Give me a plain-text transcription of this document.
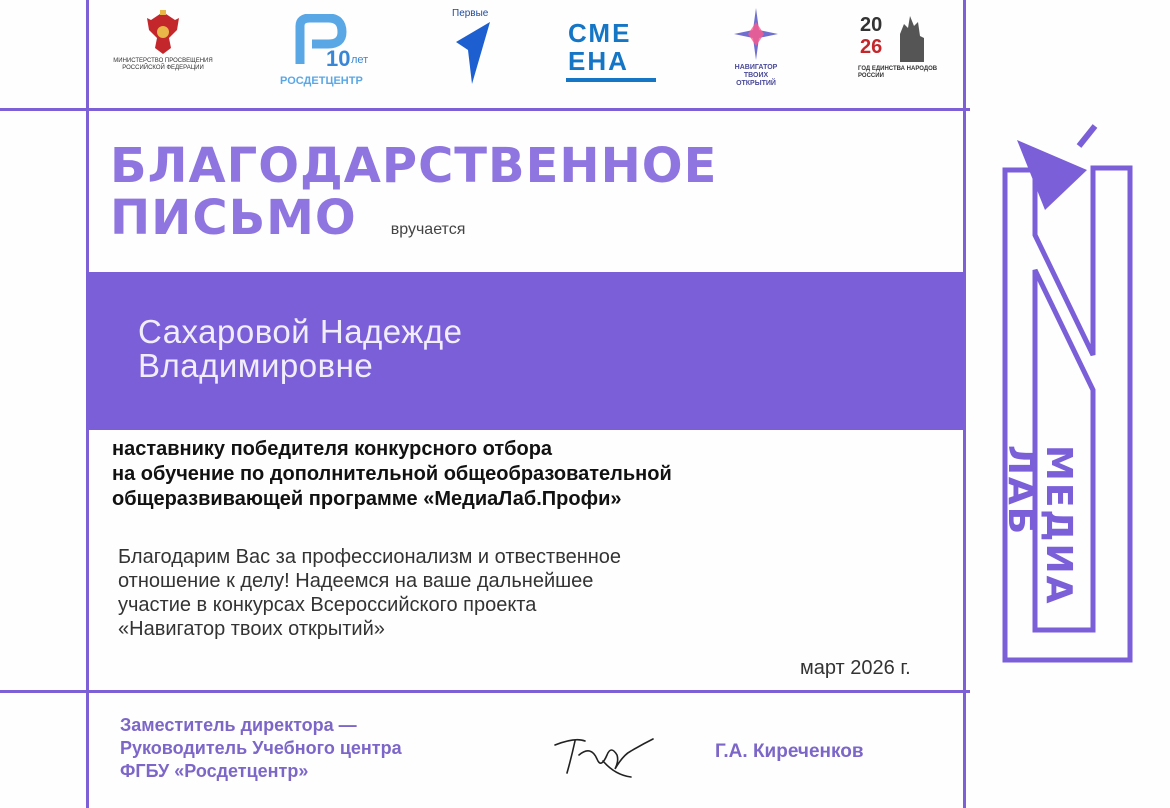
МИНИСТЕРСТВО ПРОСВЕЩЕНИЯ РОССИЙСКОЙ ФЕДЕРАЦИИ	10 лет
РОСДЕТЦЕНТР
Первые
СМЕ
ЕНА	НАВИГАТОР ТВОИХ ОТКРЫТИЙ
20
26
ГОД ЕДИНСТВА НАРОДОВ РОССИИ
БЛАГОДАРСТВЕННОЕ
ПИСЬМО вручается
Сахаровой Надежде
Владимировне
наставнику победителя конкурсного отбора
на обучение по дополнительной общеобразовательной
общеразвивающей программе «МедиаЛаб.Профи»
Благодарим Вас за профессионализм и отвественное
отношение к делу! Надеемся на ваше дальнейшее
участие в конкурсах Всероссийского проекта
«Навигатор твоих открытий»
март 2026 г.
Заместитель директора —
Руководитель Учебного центра
ФГБУ «Росдетцентр»
Г.А. Киреченков
МЕДИА
ЛАБ
